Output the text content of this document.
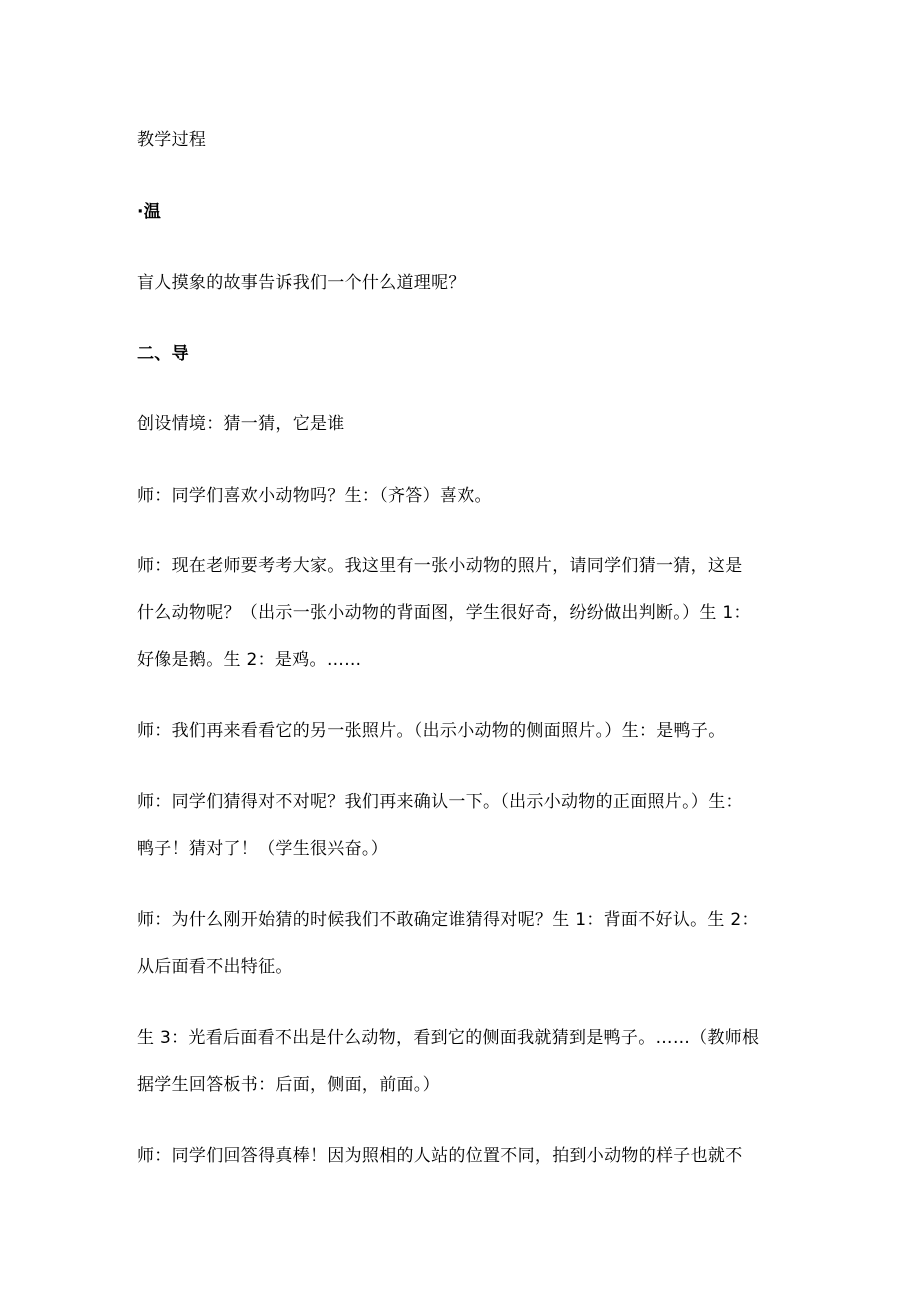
教学过程
·温
盲人摸象的故事告诉我们一个什么道理呢？
二、导
创设情境：猜一猜，它是谁
师：同学们喜欢小动物吗？生：（齐答）喜欢。
师：现在老师要考考大家。我这里有一张小动物的照片，请同学们猜一猜，这是
什么动物呢？（出示一张小动物的背面图，学生很好奇，纷纷做出判断。）生 1：
好像是鹅。生 2：是鸡。……
师：我们再来看看它的另一张照片。（出示小动物的侧面照片。）生：是鸭子。
师：同学们猜得对不对呢？我们再来确认一下。（出示小动物的正面照片。）生：
鸭子！猜对了！（学生很兴奋。）
师：为什么刚开始猜的时候我们不敢确定谁猜得对呢？生 1：背面不好认。生 2：
从后面看不出特征。
生 3：光看后面看不出是什么动物，看到它的侧面我就猜到是鸭子。……（教师根
据学生回答板书：后面，侧面，前面。）
师：同学们回答得真棒！因为照相的人站的位置不同，拍到小动物的样子也就不
